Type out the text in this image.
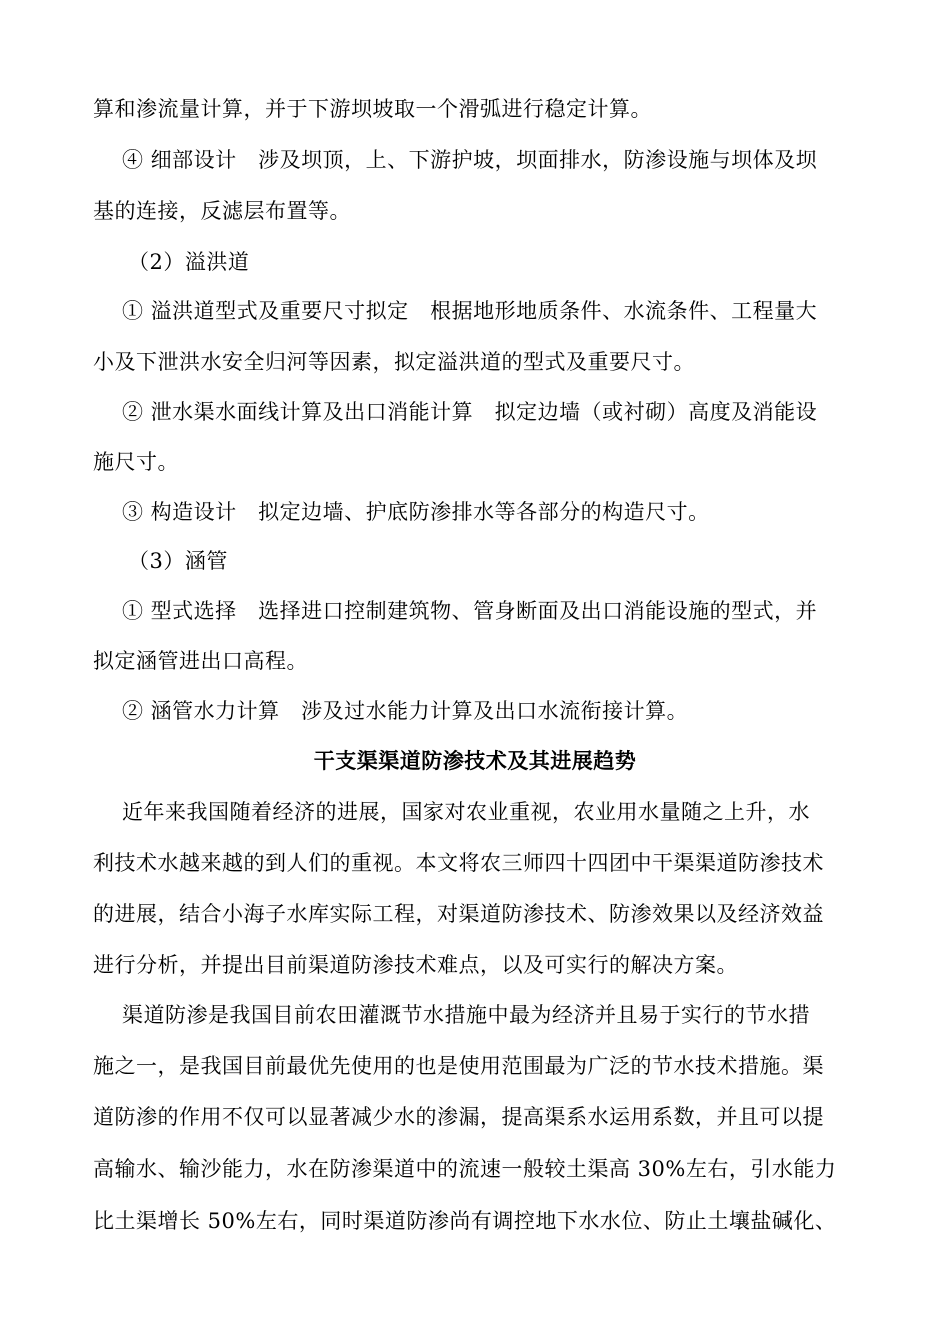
算和渗流量计算，并于下游坝坡取一个滑弧进行稳定计算。
④ 细部设计　涉及坝顶，上、下游护坡，坝面排水，防渗设施与坝体及坝
基的连接，反滤层布置等。
（2）溢洪道
① 溢洪道型式及重要尺寸拟定　根据地形地质条件、水流条件、工程量大
小及下泄洪水安全归河等因素，拟定溢洪道的型式及重要尺寸。
② 泄水渠水面线计算及出口消能计算　拟定边墙（或衬砌）高度及消能设
施尺寸。
③ 构造设计　拟定边墙、护底防渗排水等各部分的构造尺寸。
（3）涵管
① 型式选择　选择进口控制建筑物、管身断面及出口消能设施的型式，并
拟定涵管进出口高程。
② 涵管水力计算　涉及过水能力计算及出口水流衔接计算。
干支渠渠道防渗技术及其进展趋势
近年来我国随着经济的进展，国家对农业重视，农业用水量随之上升，水
利技术水越来越的到人们的重视。本文将农三师四十四团中干渠渠道防渗技术
的进展，结合小海子水库实际工程，对渠道防渗技术、防渗效果以及经济效益
进行分析，并提出目前渠道防渗技术难点，以及可实行的解决方案。
渠道防渗是我国目前农田灌溉节水措施中最为经济并且易于实行的节水措
施之一，是我国目前最优先使用的也是使用范围最为广泛的节水技术措施。渠
道防渗的作用不仅可以显著减少水的渗漏，提高渠系水运用系数，并且可以提
高输水、输沙能力，水在防渗渠道中的流速一般较土渠高 30%左右，引水能力
比土渠增长 50%左右，同时渠道防渗尚有调控地下水水位、防止土壤盐碱化、
